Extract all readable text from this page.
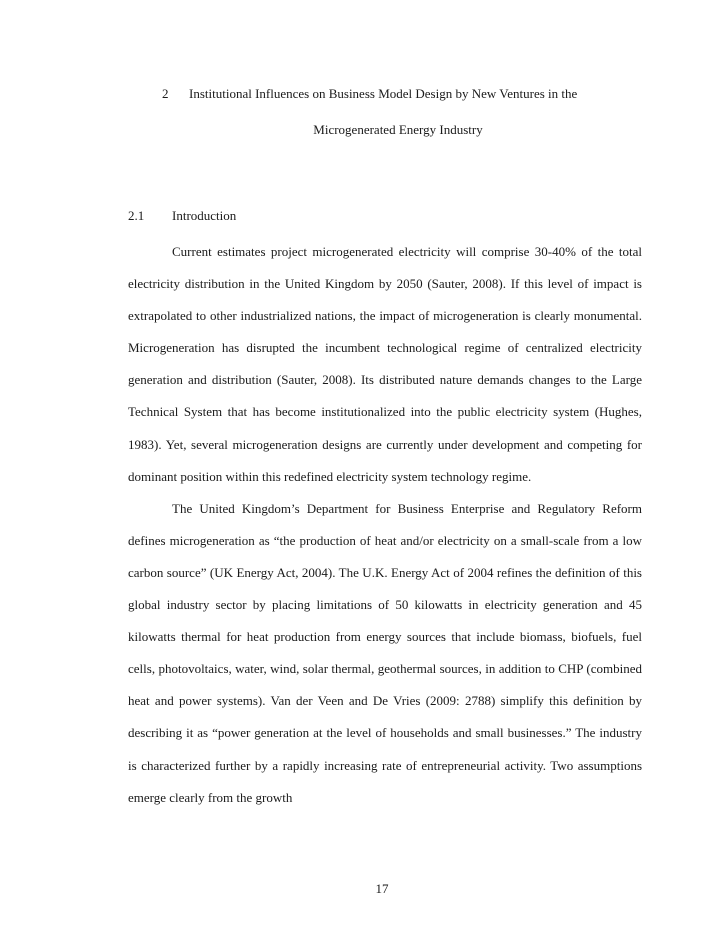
2 Institutional Influences on Business Model Design by New Ventures in the
Microgenerated Energy Industry
2.1 Introduction

Current estimates project microgenerated electricity will comprise 30-40% of the total electricity distribution in the United Kingdom by 2050 (Sauter, 2008). If this level of impact is extrapolated to other industrialized nations, the impact of microgeneration is clearly monumental. Microgeneration has disrupted the incumbent technological regime of centralized electricity generation and distribution (Sauter, 2008). Its distributed nature demands changes to the Large Technical System that has become institutionalized into the public electricity system (Hughes, 1983). Yet, several microgeneration designs are currently under development and competing for dominant position within this redefined electricity system technology regime.

The United Kingdom’s Department for Business Enterprise and Regulatory Reform defines microgeneration as “the production of heat and/or electricity on a small-scale from a low carbon source” (UK Energy Act, 2004). The U.K. Energy Act of 2004 refines the definition of this global industry sector by placing limitations of 50 kilowatts in electricity generation and 45 kilowatts thermal for heat production from energy sources that include biomass, biofuels, fuel cells, photovoltaics, water, wind, solar thermal, geothermal sources, in addition to CHP (combined heat and power systems). Van der Veen and De Vries (2009: 2788) simplify this definition by describing it as “power generation at the level of households and small businesses.” The industry is characterized further by a rapidly increasing rate of entrepreneurial activity. Two assumptions emerge clearly from the growth

17
